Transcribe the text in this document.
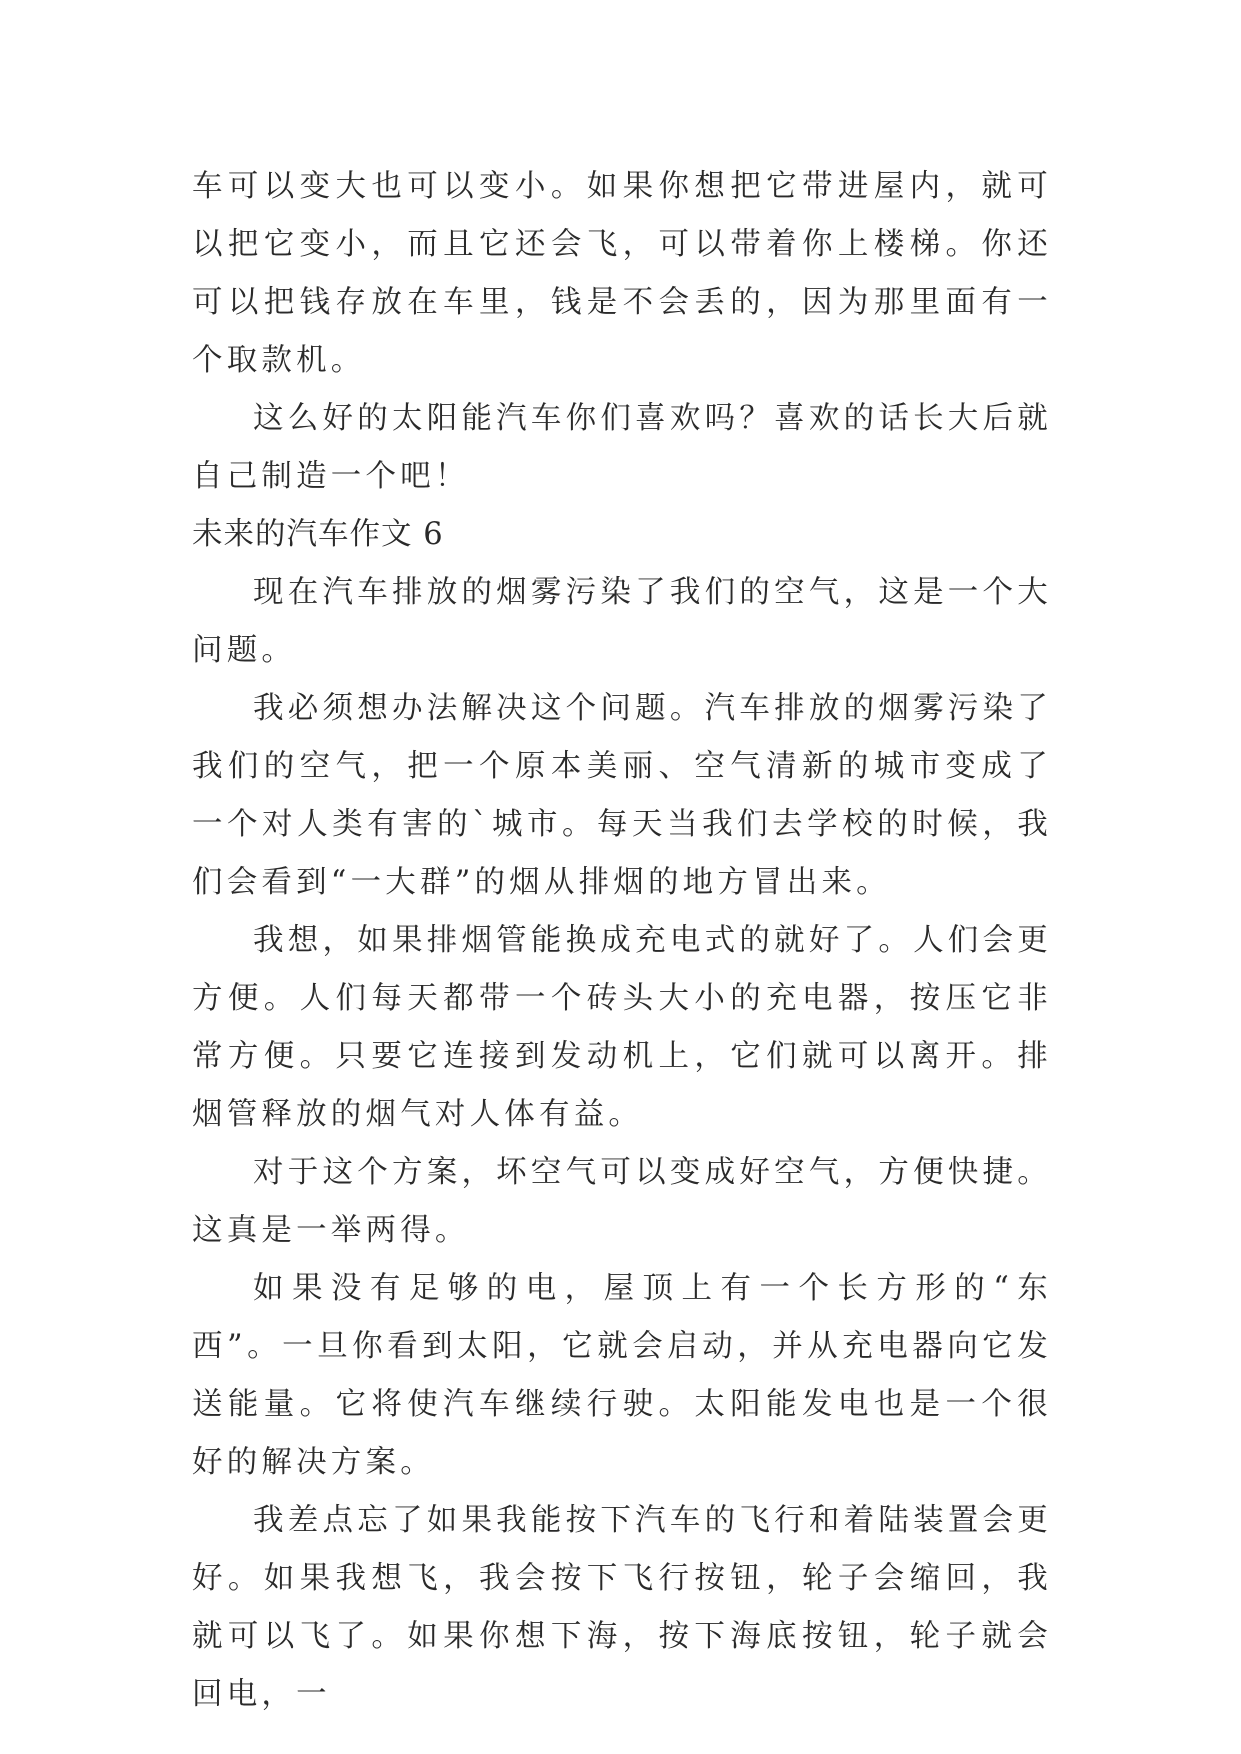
车可以变大也可以变小。如果你想把它带进屋内，就可以把它变小，而且它还会飞，可以带着你上楼梯。你还可以把钱存放在车里，钱是不会丢的，因为那里面有一个取款机。

这么好的太阳能汽车你们喜欢吗？喜欢的话长大后就自己制造一个吧！

未来的汽车作文 6

现在汽车排放的烟雾污染了我们的空气，这是一个大问题。

我必须想办法解决这个问题。汽车排放的烟雾污染了我们的空气，把一个原本美丽、空气清新的城市变成了一个对人类有害的`城市。每天当我们去学校的时候，我们会看到“一大群”的烟从排烟的地方冒出来。

我想，如果排烟管能换成充电式的就好了。人们会更方便。人们每天都带一个砖头大小的充电器，按压它非常方便。只要它连接到发动机上，它们就可以离开。排烟管释放的烟气对人体有益。

对于这个方案，坏空气可以变成好空气，方便快捷。这真是一举两得。

如果没有足够的电，屋顶上有一个长方形的“东西”。一旦你看到太阳，它就会启动，并从充电器向它发送能量。它将使汽车继续行驶。太阳能发电也是一个很好的解决方案。

我差点忘了如果我能按下汽车的飞行和着陆装置会更好。如果我想飞，我会按下飞行按钮，轮子会缩回，我就可以飞了。如果你想下海，按下海底按钮，轮子就会回电，一
